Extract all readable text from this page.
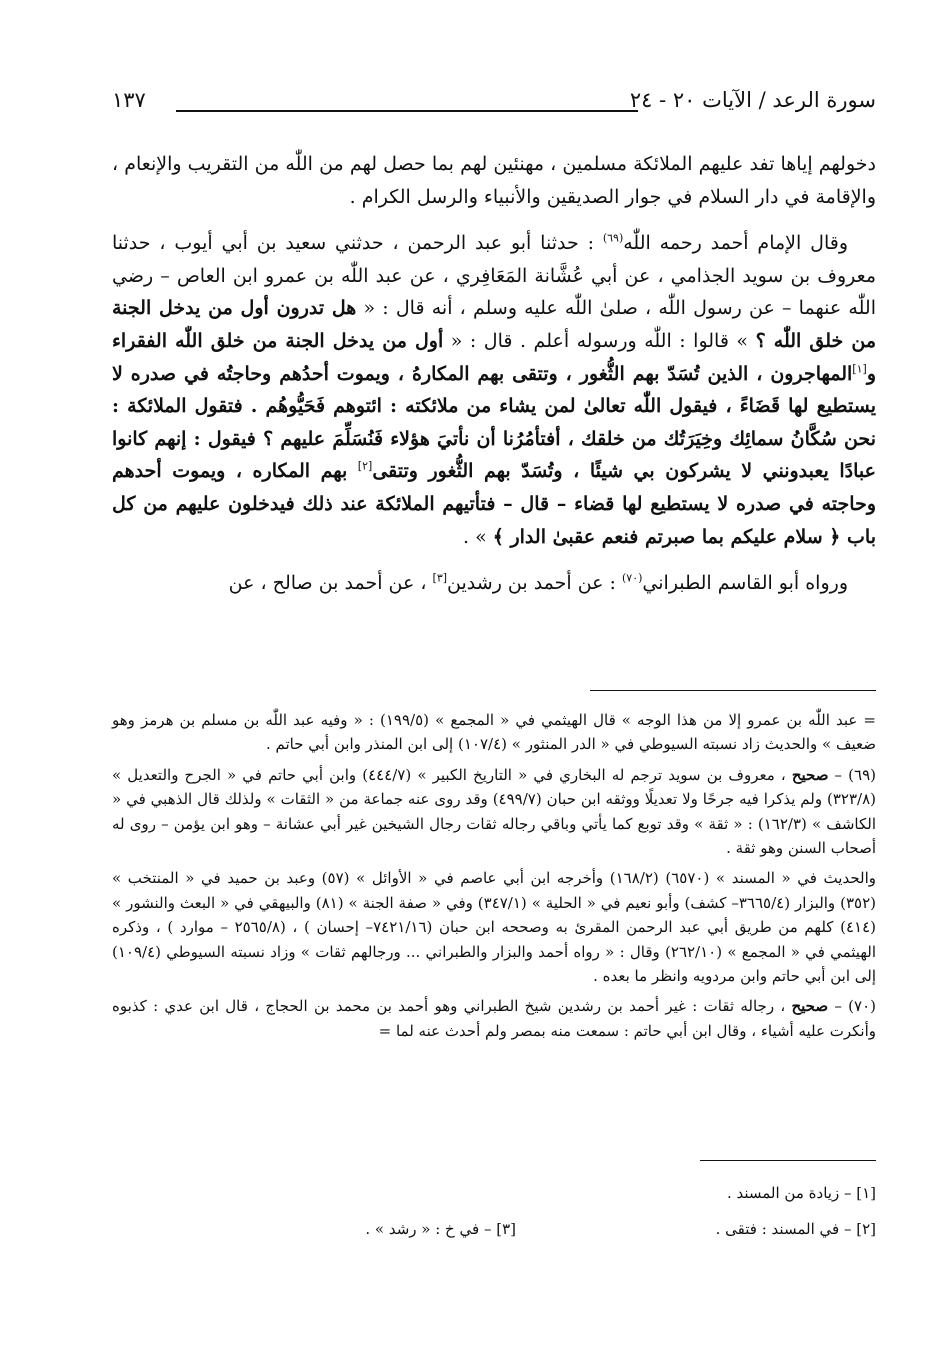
سورة الرعد / الآيات ٢٠ - ٢٤
١٣٧

دخولهم إياها تفد عليهم الملائكة مسلمين ، مهنئين لهم بما حصل لهم من اللّٰه من التقريب والإنعام ، والإقامة في دار السلام في جوار الصديقين والأنبياء والرسل الكرام .

وقال الإمام أحمد رحمه اللّٰه$^{(٦٩)}$ : حدثنا أبو عبد الرحمن ، حدثني سعيد بن أبي أيوب ، حدثنا معروف بن سويد الجذامي ، عن أبي عُشَّانة المَعَافِري ، عن عبد اللّٰه بن عمرو ابن العاص – رضي اللّٰه عنهما – عن رسول اللّٰه ، صلىٰ اللّٰه عليه وسلم ، أنه قال : « هل تدرون أول من يدخل الجنة من خلق اللّٰه ؟ » قالوا : اللّٰه ورسوله أعلم . قال : « أول من يدخل الجنة من خلق اللّٰه الفقراء و[١]المهاجرون ، الذين تُسَدّ بهم الثُّغور ، وتتقى بهم المكارهُ ، ويموت أحدُهم وحاجتُه في صدره لا يستطيع لها قَضَاءً ، فيقول اللّٰه تعالىٰ لمن يشاء من ملائكته : ائتوهم فَحَيُّوهُم . فتقول الملائكة : نحن سُكَّانُ سمائِك وخِيَرَتُك من خلقك ، أفتأمُرُنا أن نأتيَ هؤلاء فَنُسَلِّمَ عليهم ؟ فيقول : إنهم كانوا عبادًا يعبدونني لا يشركون بي شيئًا ، وتُسَدّ بهم الثُّغور وتتقى[٢] بهم المكاره ، ويموت أحدهم وحاجته في صدره لا يستطيع لها قضاء – قال – فتأتيهم الملائكة عند ذلك فيدخلون عليهم من كل باب ﴿ سلام عليكم بما صبرتم فنعم عقبىٰ الدار ﴾ » .

ورواه أبو القاسم الطبراني$^{(٧٠)}$ : عن أحمد بن رشدين[٣] ، عن أحمد بن صالح ، عن

= عبد اللّٰه بن عمرو إلا من هذا الوجه » قال الهيثمي في « المجمع » (١٩٩/٥) : « وفيه عبد اللّٰه بن مسلم بن هرمز وهو ضعيف » والحديث زاد نسبته السيوطي في « الدر المنثور » (١٠٧/٤) إلى ابن المنذر وابن أبي حاتم .

(٦٩) – صحيح ، معروف بن سويد ترجم له البخاري في « التاريخ الكبير » (٤٤٤/٧) وابن أبي حاتم في « الجرح والتعديل » (٣٢٣/٨) ولم يذكرا فيه جرحًا ولا تعديلًا ووثقه ابن حبان (٤٩٩/٧) وقد روى عنه جماعة من « الثقات » ولذلك قال الذهبي في « الكاشف » (١٦٢/٣) : « ثقة » وقد توبع كما يأتي وباقي رجاله ثقات رجال الشيخين غير أبي عشانة – وهو ابن يؤمن – روى له أصحاب السنن وهو ثقة .

والحديث في « المسند » (٦٥٧٠) (١٦٨/٢) وأخرجه ابن أبي عاصم في « الأوائل » (٥٧) وعبد بن حميد في « المنتخب » (٣٥٢) والبزار (٣٦٦٥/٤– كشف) وأبو نعيم في « الحلية » (٣٤٧/١) وفي « صفة الجنة » (٨١) والبيهقي في « البعث والنشور » (٤١٤) كلهم من طريق أبي عبد الرحمن المقرئ به وصححه ابن حبان (٧٤٢١/١٦– إحسان ) ، (٢٥٦٥/٨ – موارد ) ، وذكره الهيثمي في « المجمع » (٢٦٢/١٠) وقال : « رواه أحمد والبزار والطبراني ... ورجالهم ثقات » وزاد نسبته السيوطي (١٠٩/٤) إلى ابن أبي حاتم وابن مردويه وانظر ما بعده .

(٧٠) – صحيح ، رجاله ثقات : غير أحمد بن رشدين شيخ الطبراني وهو أحمد بن محمد بن الحجاج ، قال ابن عدي : كذبوه وأنكرت عليه أشياء ، وقال ابن أبي حاتم : سمعت منه بمصر ولم أحدث عنه لما =

[١] – زيادة من المسند .
[٢] – في المسند : فتقى .
[٣] – في خ : « رشد » .
